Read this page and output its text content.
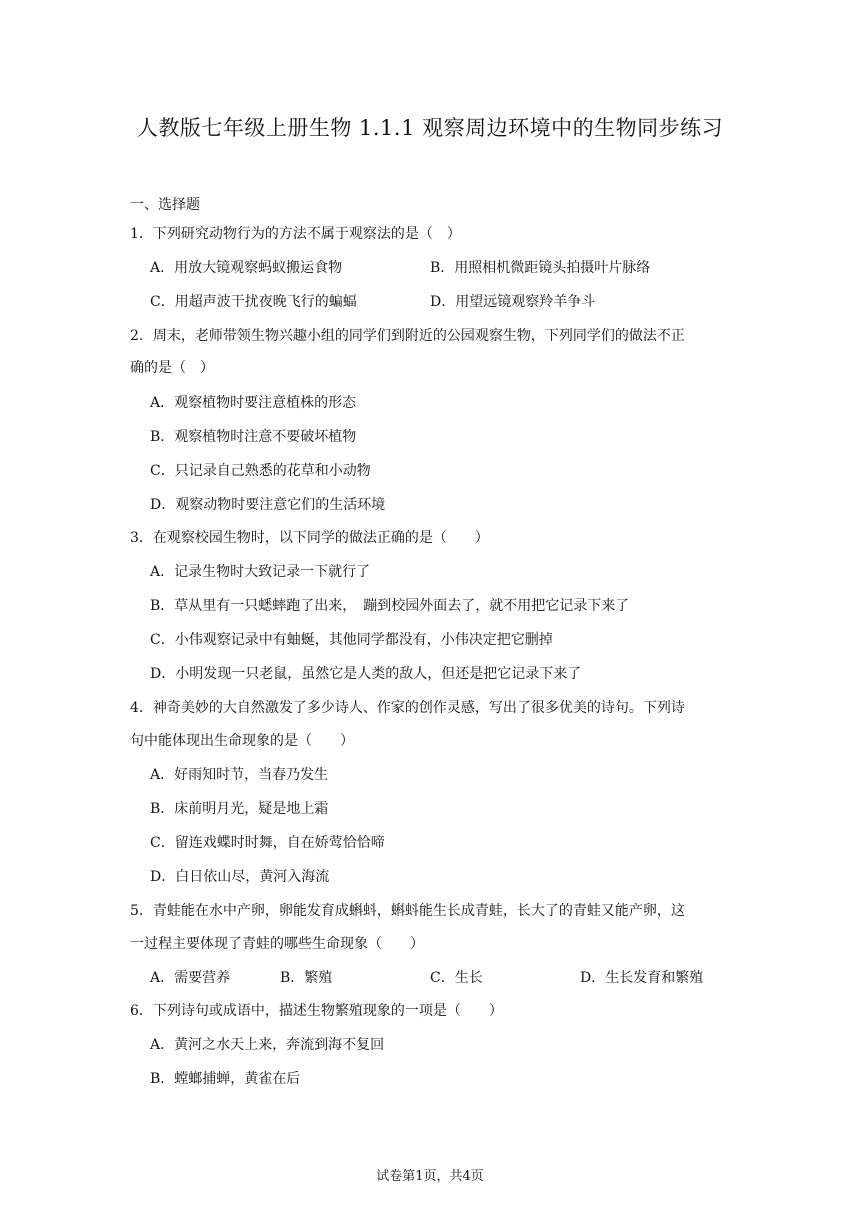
人教版七年级上册生物 1.1.1 观察周边环境中的生物同步练习
一、选择题
1．下列研究动物行为的方法不属于观察法的是（　）
A．用放大镜观察蚂蚁搬运食物	B．用照相机微距镜头拍摄叶片脉络
C．用超声波干扰夜晚飞行的蝙蝠	D．用望远镜观察羚羊争斗
2．周末，老师带领生物兴趣小组的同学们到附近的公园观察生物，下列同学们的做法不正
确的是（　）
A．观察植物时要注意植株的形态
B．观察植物时注意不要破坏植物
C．只记录自己熟悉的花草和小动物
D．观察动物时要注意它们的生活环境
3．在观察校园生物时，以下同学的做法正确的是（　　）
A．记录生物时大致记录一下就行了
B．草从里有一只蟋蟀跑了出来，　蹦到校园外面去了，就不用把它记录下来了
C．小伟观察记录中有蚰蜒，其他同学都没有，小伟决定把它删掉
D．小明发现一只老鼠，虽然它是人类的敌人，但还是把它记录下来了
4．神奇美妙的大自然激发了多少诗人、作家的创作灵感，写出了很多优美的诗句。下列诗
句中能体现出生命现象的是（　　）
A．好雨知时节，当春乃发生
B．床前明月光，疑是地上霜
C．留连戏蝶时时舞，自在娇莺恰恰啼
D．白日依山尽，黄河入海流
5．青蛙能在水中产卵，卵能发育成蝌蚪，蝌蚪能生长成青蛙，长大了的青蛙又能产卵，这
一过程主要体现了青蛙的哪些生命现象（　　）
A．需要营养	B．繁殖	C．生长	D．生长发育和繁殖
6．下列诗句或成语中，描述生物繁殖现象的一项是（　　）
A．黄河之水天上来，奔流到海不复回
B．螳螂捕蝉，黄雀在后
试卷第1页，共4页
